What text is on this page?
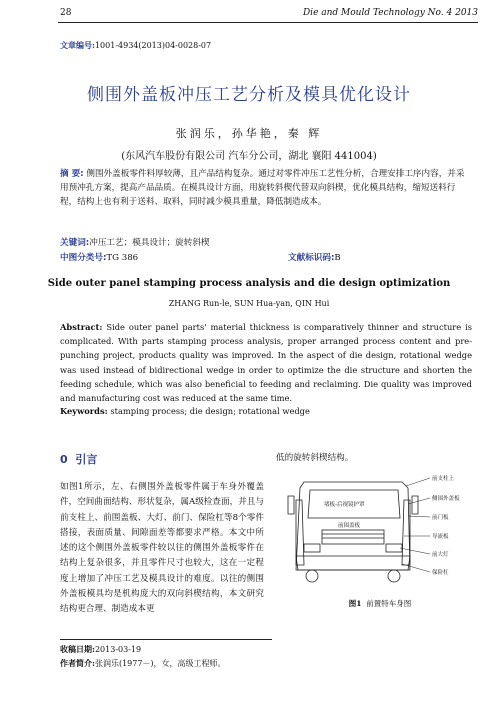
28	Die and Mould Technology No. 4 2013
文章编号:1001-4934(2013)04-0028-07
侧围外盖板冲压工艺分析及模具优化设计
张润乐，孙华艳，秦 辉
(东风汽车股份有限公司 汽车分公司，湖北 襄阳 441004)
摘 要: 侧围外盖板零件料厚较薄，且产品结构复杂。通过对零件冲压工艺性分析，合理安排工序内容，并采用预冲孔方案，提高产品品质。在模具设计方面，用旋转斜楔代替双向斜楔，优化模具结构，缩短送料行程，结构上也有利于送料、取料，同时减少模具重量，降低制造成本。
关键词:冲压工艺；模具设计；旋转斜楔
中图分类号:TG 386	文献标识码:B
Side outer panel stamping process analysis and die design optimization
ZHANG Run-le, SUN Hua-yan, QIN Hui
Abstract: Side outer panel parts' material thickness is comparatively thinner and structure is complicated. With parts stamping process analysis, proper arranged process content and pre-punching project, products quality was improved. In the aspect of die design, rotational wedge was used instead of bidirectional wedge in order to optimize the die structure and shorten the feeding schedule, which was also beneficial to feeding and reclaiming. Die quality was improved and manufacturing cost was reduced at the same time.
Keywords: stamping process; die design; rotational wedge
0 引言
如图1所示，左、右侧围外盖板零件属于车身外覆盖件，空间曲面结构、形状复杂，属A级检查面，并且与前支柱上、前围盖板、大灯、前门、保险杠等8个零件搭接，表面质量、间隙面差等都要求严格。本文中所述的这个侧围外盖板零件较以往的侧围外盖板零件在结构上复杂很多，并且零件尺寸也较大，这在一定程度上增加了冲压工艺及模具设计的难度。以往的侧围外盖板模具均是机构庞大的双向斜楔结构，本文研究结构更合理、制造成本更
低的旋转斜楔结构。
前支柱上
侧围外盖板
前门板
导流板
前大灯
保险杠
堵板-后视镜护罩
前围盖板
图1 前置特车身图
收稿日期:2013-03-19
作者简介:张润乐(1977－)，女，高级工程师。
